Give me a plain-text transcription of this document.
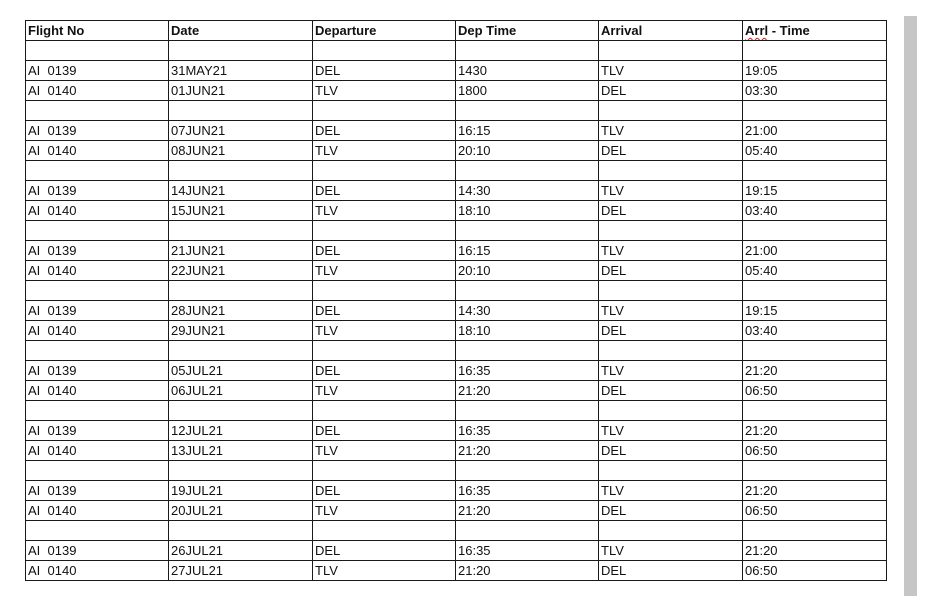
Flight No	Date	Departure	Dep Time	Arrival	Arrl - Time

AI  0139	31MAY21	DEL	1430	TLV	19:05
AI  0140	01JUN21	TLV	1800	DEL	03:30

AI  0139	07JUN21	DEL	16:15	TLV	21:00
AI  0140	08JUN21	TLV	20:10	DEL	05:40

AI  0139	14JUN21	DEL	14:30	TLV	19:15
AI  0140	15JUN21	TLV	18:10	DEL	03:40

AI  0139	21JUN21	DEL	16:15	TLV	21:00
AI  0140	22JUN21	TLV	20:10	DEL	05:40

AI  0139	28JUN21	DEL	14:30	TLV	19:15
AI  0140	29JUN21	TLV	18:10	DEL	03:40

AI  0139	05JUL21	DEL	16:35	TLV	21:20
AI  0140	06JUL21	TLV	21:20	DEL	06:50

AI  0139	12JUL21	DEL	16:35	TLV	21:20
AI  0140	13JUL21	TLV	21:20	DEL	06:50

AI  0139	19JUL21	DEL	16:35	TLV	21:20
AI  0140	20JUL21	TLV	21:20	DEL	06:50

AI  0139	26JUL21	DEL	16:35	TLV	21:20
AI  0140	27JUL21	TLV	21:20	DEL	06:50
